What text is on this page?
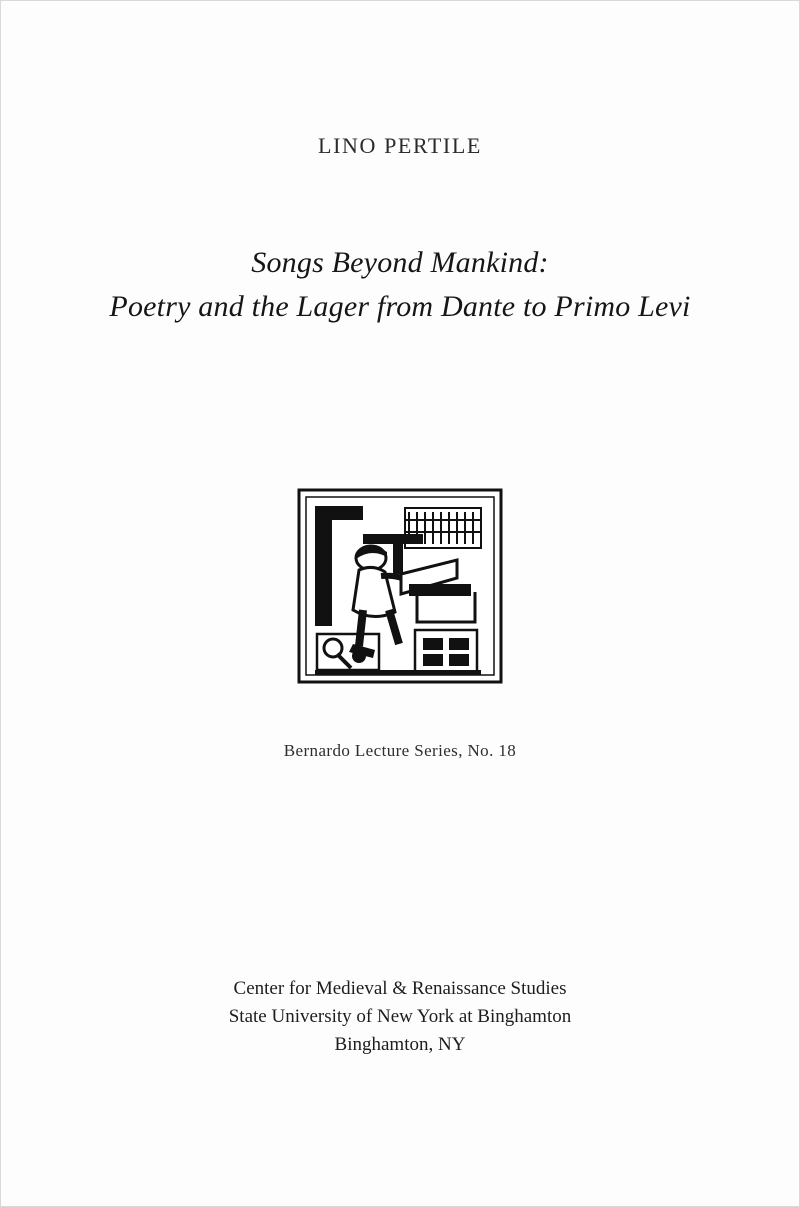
LINO PERTILE
Songs Beyond Mankind:
Poetry and the Lager from Dante to Primo Levi
Bernardo Lecture Series, No. 18
Center for Medieval & Renaissance Studies
State University of New York at Binghamton
Binghamton, NY
